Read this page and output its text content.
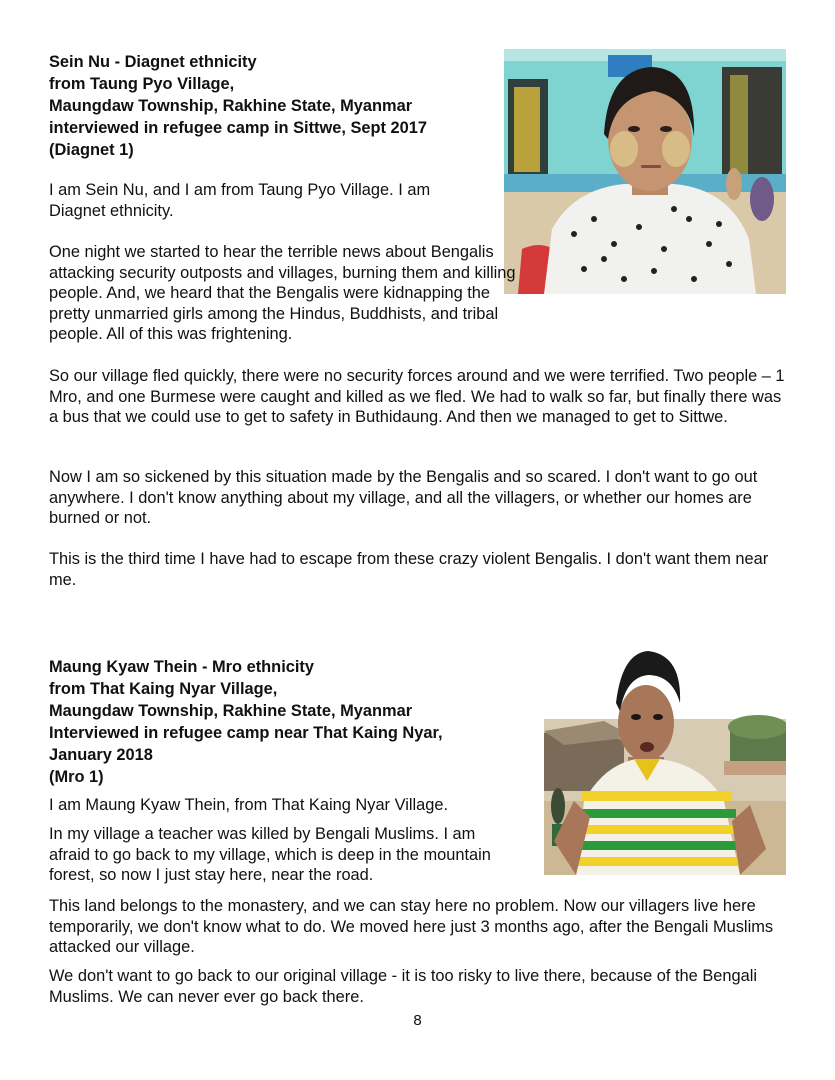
Sein Nu - Diagnet ethnicity
from Taung Pyo Village,
Maungdaw Township, Rakhine State, Myanmar
interviewed in refugee camp in Sittwe, Sept 2017
(Diagnet 1)

I am Sein Nu, and I am from Taung Pyo Village. I am Diagnet ethnicity.

One night we started to hear the terrible news about Bengalis attacking security outposts and villages, burning them and killing people. And, we heard that the Bengalis were kidnapping the pretty unmarried girls among the Hindus, Buddhists, and tribal people. All of this was frightening.

So our village fled quickly, there were no security forces around and we were terrified. Two people – 1 Mro, and one Burmese were caught and killed as we fled. We had to walk so far, but finally there was a bus that we could use to get to safety in Buthidaung. And then we managed to get to Sittwe.

Now I am so sickened by this situation made by the Bengalis and so scared. I don't want to go out anywhere. I don't know anything about my village, and all the villagers, or whether our homes are burned or not.

This is the third time I have had to escape from these crazy violent Bengalis. I don't want them near me.

Maung Kyaw Thein - Mro ethnicity
from That Kaing Nyar Village,
Maungdaw Township, Rakhine State, Myanmar
Interviewed in refugee camp near That Kaing Nyar,
January 2018
(Mro 1)

I am Maung Kyaw Thein, from That Kaing Nyar Village.

In my village a teacher was killed by Bengali Muslims. I am afraid to go back to my village, which is deep in the mountain forest, so now I just stay here, near the road.

This land belongs to the monastery, and we can stay here no problem. Now our villagers live here temporarily, we don't know what to do. We moved here just 3 months ago, after the Bengali Muslims attacked our village.

We don't want to go back to our original village - it is too risky to live there, because of the Bengali Muslims. We can never ever go back there.

8
